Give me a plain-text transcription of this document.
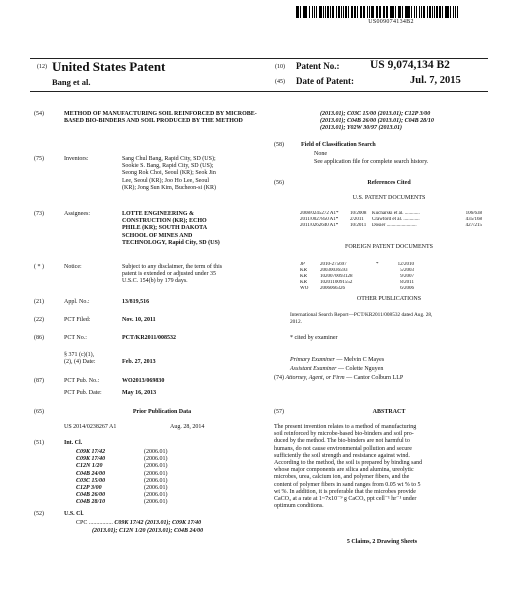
US009074134B2
(12) United States Patent
Bang et al.
(10) Patent No.:	US 9,074,134 B2
(45) Date of Patent:	Jul. 7, 2015
(54)	METHOD OF MANUFACTURING SOIL REINFORCED BY MICROBE-BASED BIO-BINDERS AND SOIL PRODUCED BY THE METHOD
(75)	Inventors:	Sang Chul Bang, Rapid City, SD (US);
Sookie S. Bang, Rapid City, SD (US);
Seong Rok Choi, Seoul (KR); Seok Jin
Lee, Seoul (KR); Joo Ho Lee, Seoul
(KR); Jong Sun Kim, Bucheon-si (KR)
(73)	Assignees:	LOTTE ENGINEERING &
CONSTRUCTION (KR); ECHO
PHILE (KR); SOUTH DAKOTA
SCHOOL OF MINES AND
TECHNOLOGY, Rapid City, SD (US)
( * )	Notice:	Subject to any disclaimer, the term of this
patent is extended or adjusted under 35
U.S.C. 154(b) by 179 days.
(21)	Appl. No.:	13/819,516
(22)	PCT Filed:	Nov. 10, 2011
(86)	PCT No.:	PCT/KR2011/008532
§ 371 (c)(1),
(2), (4) Date:	Feb. 27, 2013
(87)	PCT Pub. No.:	WO2013/069830
PCT Pub. Date:	May 16, 2013
(65)	Prior Publication Data
US 2014/0238267 A1	Aug. 28, 2014
(51)	Int. Cl.
C09K 17/42	(2006.01)
C09K 17/40	(2006.01)
C12N 1/20	(2006.01)
C04B 24/00	(2006.01)
C03C 15/00	(2006.01)
C12P 3/00	(2006.01)
C04B 26/00	(2006.01)
C04B 28/10	(2006.01)
(52)	U.S. Cl.
CPC ................ C09K 17/42 (2013.01); C09K 17/40
(2013.01); C12N 1/20 (2013.01); C04B 24/00
(2013.01); C03C 15/00 (2013.01); C12P 3/00
(2013.01); C04B 26/00 (2013.01); C04B 28/10
(2013.01); Y02W 30/97 (2013.01)
(58)	Field of Classification Search
None
See application file for complete search history.
(56)	References Cited
U.S. PATENT DOCUMENTS
2008/0245272 A1*	10/2008	Kucharski et al. ............	106/638
2011/0027850 A1*	2/2011	Crawford et al. .............	435/168
2011/0262640 A1*	10/2011	Dosier ........................	427/215
FOREIGN PATENT DOCUMENTS
JP	2010-275697	*	12/2010
KR	20030036593	5/2003
KR	1020070093128	9/2007
KR	1020110091552	8/2011
WO	2006066326	6/2006
OTHER PUBLICATIONS
International Search Report—PCT/KR2011/008532 dated Aug. 28,
2012.
* cited by examiner
Primary Examiner — Melvin C Mayes
Assistant Examiner — Colette Nguyen
(74) Attorney, Agent, or Firm — Cantor Colburn LLP
(57)	ABSTRACT
The present invention relates to a method of manufacturing
soil reinforced by microbe-based bio-binders and soil pro-
duced by the method. The bio-binders are not harmful to
humans, do not cause environmental pollution and secure
sufficiently the soil strength and resistance against wind.
According to the method, the soil is prepared by binding sand
whose major components are silica and alumina, ureolytic
microbes, urea, calcium ion, and polymer fibers, and the
content of polymer fibers in sand ranges from 0.05 wt % to 5
wt %. In addition, it is preferable that the microbes provide
CaCO₃ at a rate at 1~7x10⁻⁹ g CaCO₃ ppt cell⁻¹ hr⁻¹ under
optimum conditions.
5 Claims, 2 Drawing Sheets
